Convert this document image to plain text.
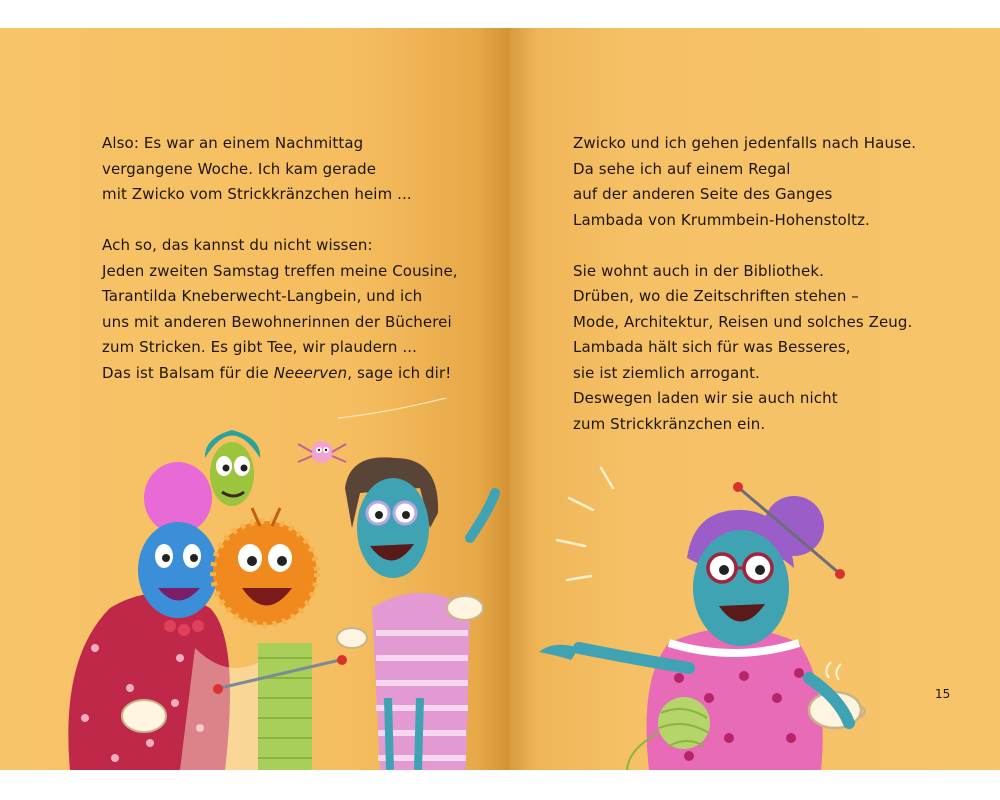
Also: Es war an einem Nachmittag
vergangene Woche. Ich kam gerade
mit Zwicko vom Strickkränzchen heim ...
Ach so, das kannst du nicht wissen:
Jeden zweiten Samstag treffen meine Cousine,
Tarantilda Kneberwecht-Langbein, und ich
uns mit anderen Bewohnerinnen der Bücherei
zum Stricken. Es gibt Tee, wir plaudern ...
Das ist Balsam für die Neeerven, sage ich dir!
Zwicko und ich gehen jedenfalls nach Hause.
Da sehe ich auf einem Regal
auf der anderen Seite des Ganges
Lambada von Krummbein-Hohenstoltz.
Sie wohnt auch in der Bibliothek.
Drüben, wo die Zeitschriften stehen –
Mode, Architektur, Reisen und solches Zeug.
Lambada hält sich für was Besseres,
sie ist ziemlich arrogant.
Deswegen laden wir sie auch nicht
zum Strickkränzchen ein.
15
